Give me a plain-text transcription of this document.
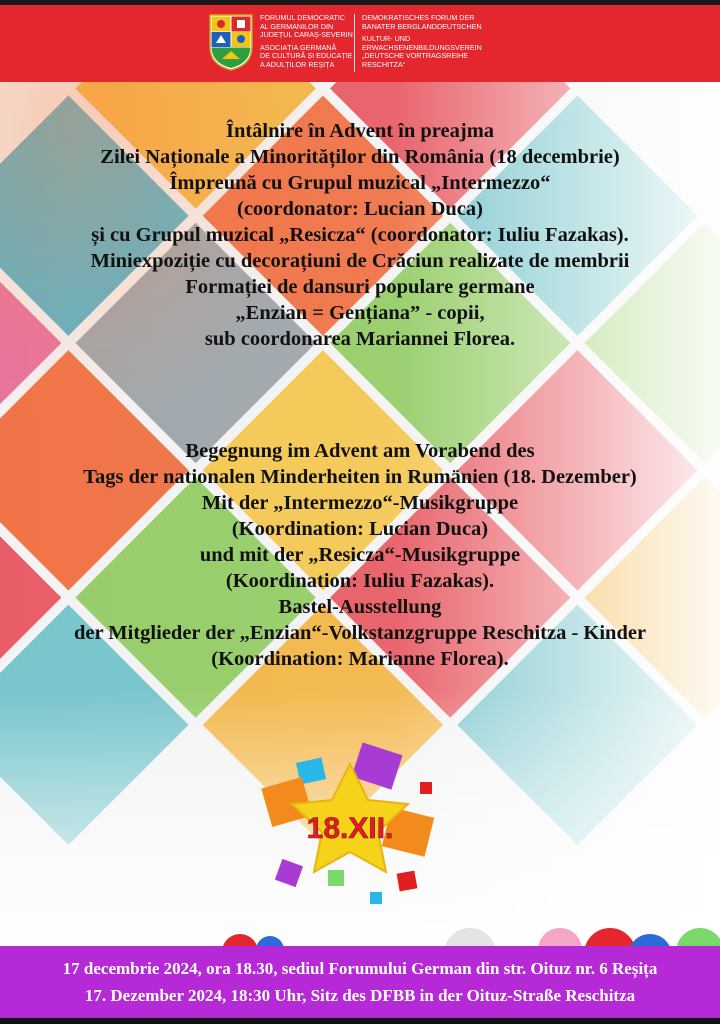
FORUMUL DEMOCRATIC
AL GERMANILOR DIN
JUDEȚUL CARAȘ-SEVERIN
ASOCIAȚIA GERMANĂ
DE CULTURĂ ȘI EDUCAȚIE
A ADULȚILOR REȘIȚA
DEMOKRATISCHES FORUM DER
BANATER BERGLANDDEUTSCHEN
KULTUR- UND
ERWACHSENENBILDUNGSVEREIN
„DEUTSCHE VORTRAGSREIHE
RESCHITZA“
Întâlnire în Advent în preajma
Zilei Naționale a Minorităților din România (18 decembrie)
Împreună cu Grupul muzical „Intermezzo“
(coordonator: Lucian Duca)
și cu Grupul muzical „Resicza“ (coordonator: Iuliu Fazakas).
Miniexpoziție cu decorațiuni de Crăciun realizate de membrii
Formației de dansuri populare germane
„Enzian = Gențiana” - copii,
sub coordonarea Mariannei Florea.
Begegnung im Advent am Vorabend des
Tags der nationalen Minderheiten in Rumänien (18. Dezember)
Mit der „Intermezzo“-Musikgruppe
(Koordination: Lucian Duca)
und mit der „Resicza“-Musikgruppe
(Koordination: Iuliu Fazakas).
Bastel-Ausstellung
der Mitglieder der „Enzian“-Volkstanzgruppe Reschitza - Kinder
(Koordination: Marianne Florea).
18.XII.
17 decembrie 2024, ora 18.30, sediul Forumului German din str. Oituz nr. 6 Reșița
17. Dezember 2024, 18:30 Uhr, Sitz des DFBB in der Oituz-Straße Reschitza
